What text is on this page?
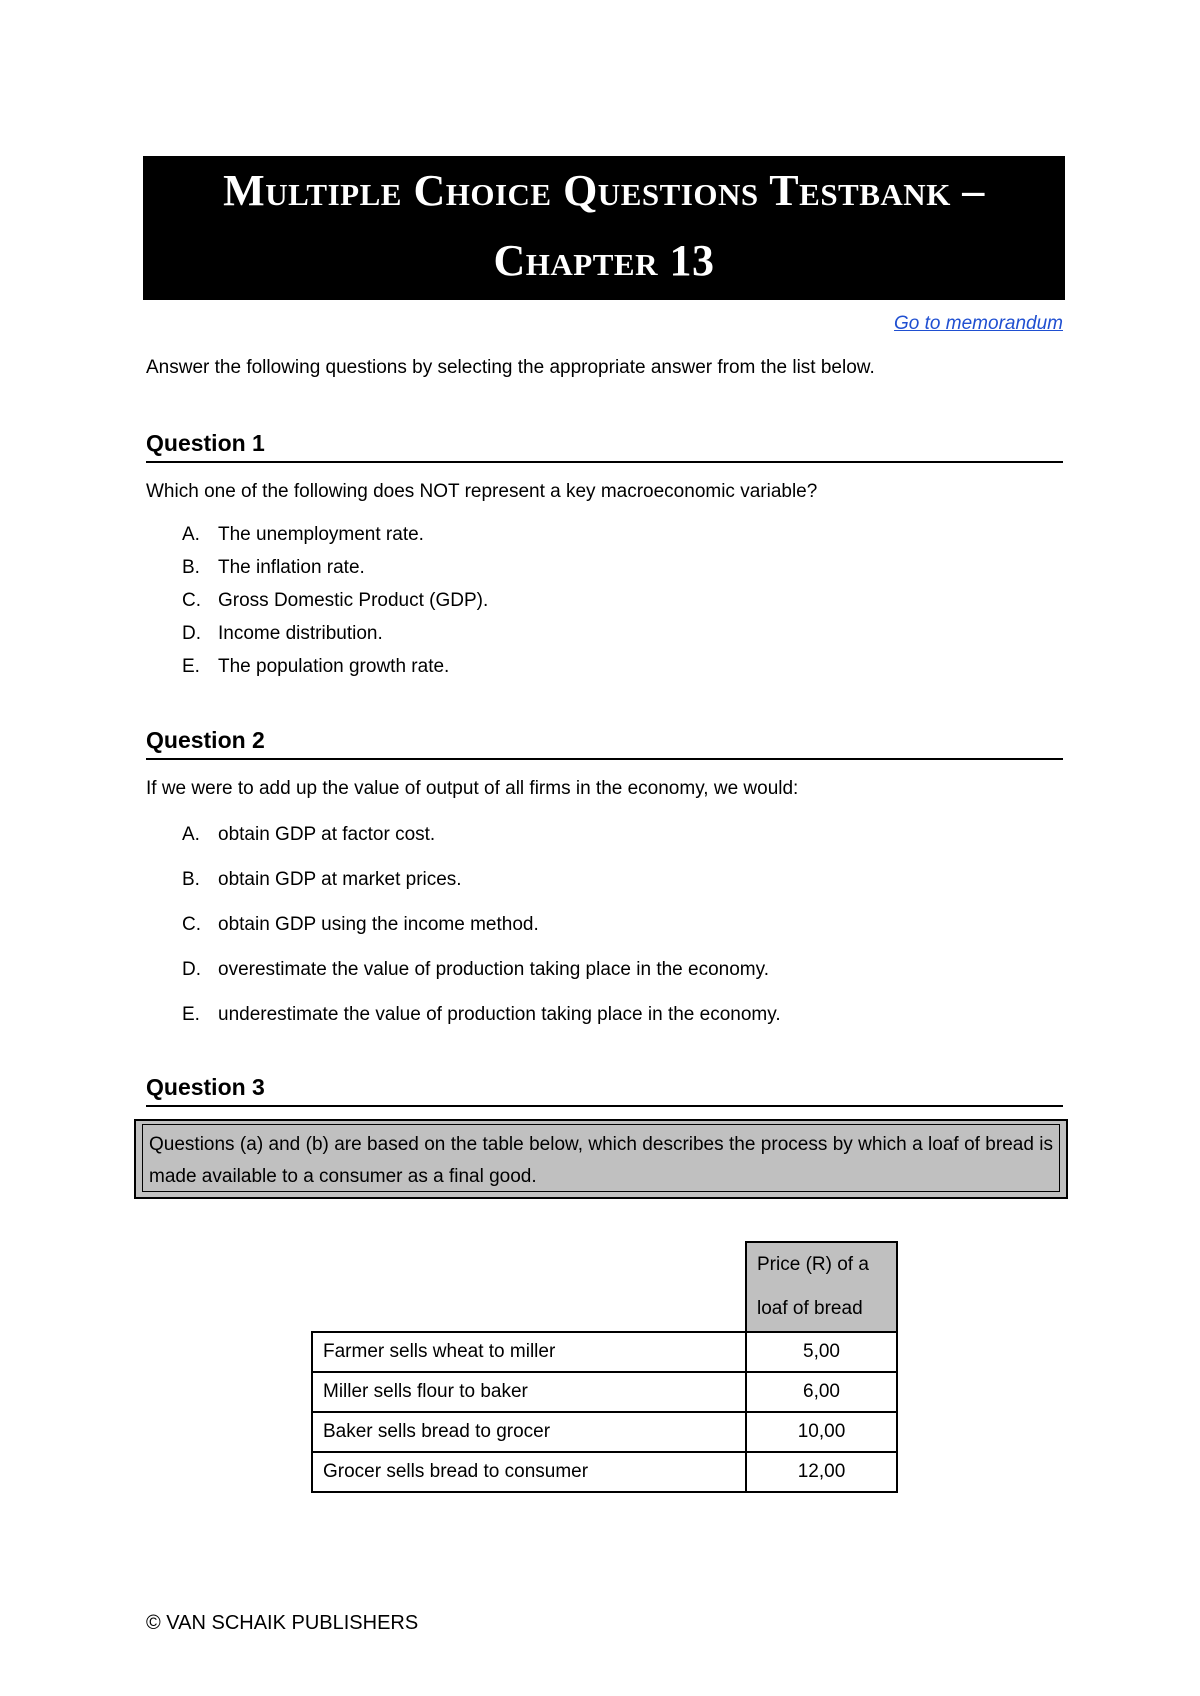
Multiple Choice Questions Testbank –
Chapter 13
Go to memorandum
Answer the following questions by selecting the appropriate answer from the list below.
Question 1
Which one of the following does NOT represent a key macroeconomic variable?
A. The unemployment rate.
B. The inflation rate.
C. Gross Domestic Product (GDP).
D. Income distribution.
E. The population growth rate.
Question 2
If we were to add up the value of output of all firms in the economy, we would:
A. obtain GDP at factor cost.
B. obtain GDP at market prices.
C. obtain GDP using the income method.
D. overestimate the value of production taking place in the economy.
E. underestimate the value of production taking place in the economy.
Question 3
Questions (a) and (b) are based on the table below, which describes the process by which a loaf of bread is made available to a consumer as a final good.
	Price (R) of a
loaf of bread
Farmer sells wheat to miller	5,00
Miller sells flour to baker	6,00
Baker sells bread to grocer	10,00
Grocer sells bread to consumer	12,00
© VAN SCHAIK PUBLISHERS
